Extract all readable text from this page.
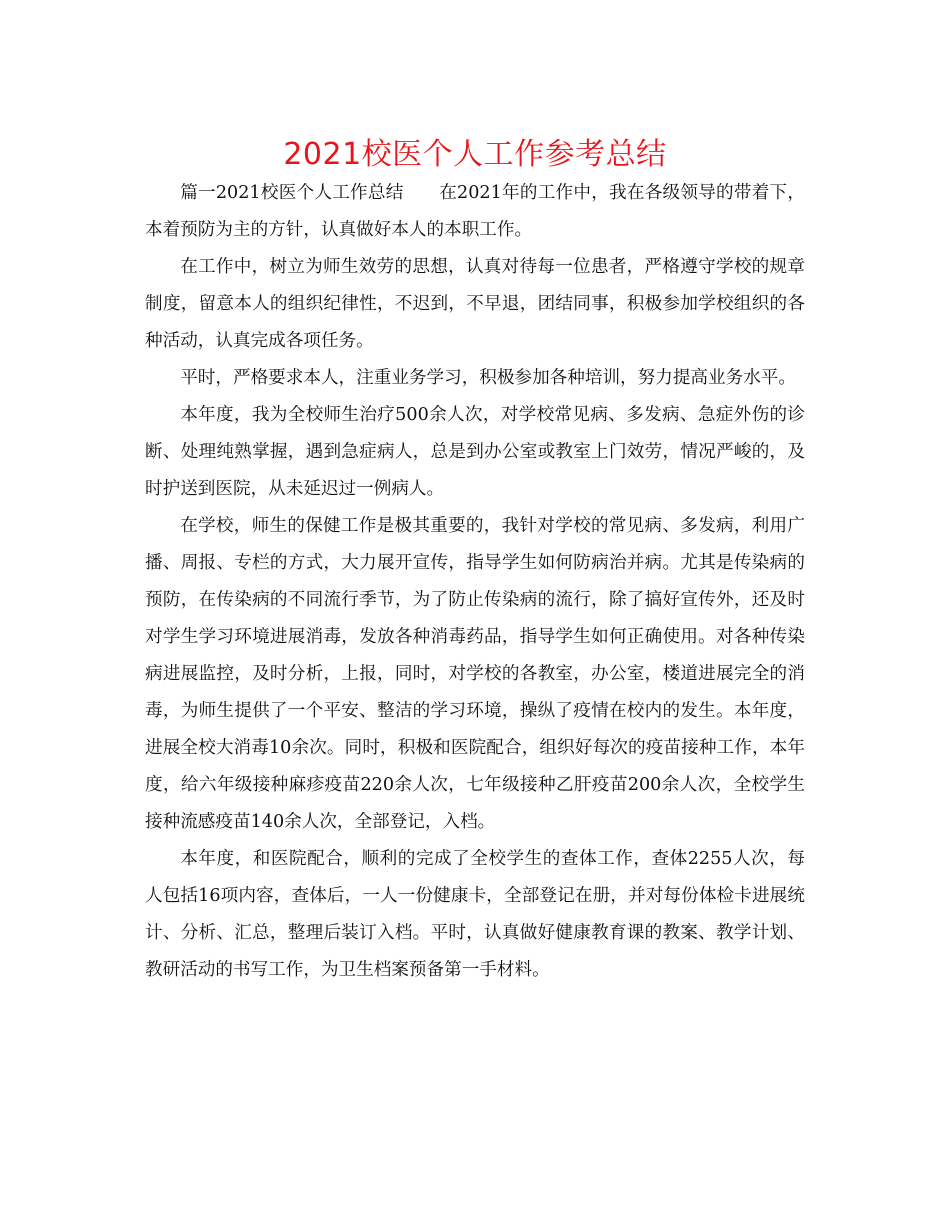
2021校医个人工作参考总结

篇一2021校医个人工作总结　　在2021年的工作中，我在各级领导的带着下，本着预防为主的方针，认真做好本人的本职工作。

在工作中，树立为师生效劳的思想，认真对待每一位患者，严格遵守学校的规章制度，留意本人的组织纪律性，不迟到，不早退，团结同事，积极参加学校组织的各种活动，认真完成各项任务。

平时，严格要求本人，注重业务学习，积极参加各种培训，努力提高业务水平。

本年度，我为全校师生治疗500余人次，对学校常见病、多发病、急症外伤的诊断、处理纯熟掌握，遇到急症病人，总是到办公室或教室上门效劳，情况严峻的，及时护送到医院，从未延迟过一例病人。

在学校，师生的保健工作是极其重要的，我针对学校的常见病、多发病，利用广播、周报、专栏的方式，大力展开宣传，指导学生如何防病治并病。尤其是传染病的预防，在传染病的不同流行季节，为了防止传染病的流行，除了搞好宣传外，还及时对学生学习环境进展消毒，发放各种消毒药品，指导学生如何正确使用。对各种传染病进展监控，及时分析，上报，同时，对学校的各教室，办公室，楼道进展完全的消毒，为师生提供了一个平安、整洁的学习环境，操纵了疫情在校内的发生。本年度，进展全校大消毒10余次。同时，积极和医院配合，组织好每次的疫苗接种工作，本年度，给六年级接种麻疹疫苗220余人次，七年级接种乙肝疫苗200余人次，全校学生接种流感疫苗140余人次，全部登记，入档。

本年度，和医院配合，顺利的完成了全校学生的查体工作，查体2255人次，每人包括16项内容，查体后，一人一份健康卡，全部登记在册，并对每份体检卡进展统计、分析、汇总，整理后装订入档。平时，认真做好健康教育课的教案、教学计划、教研活动的书写工作，为卫生档案预备第一手材料。
